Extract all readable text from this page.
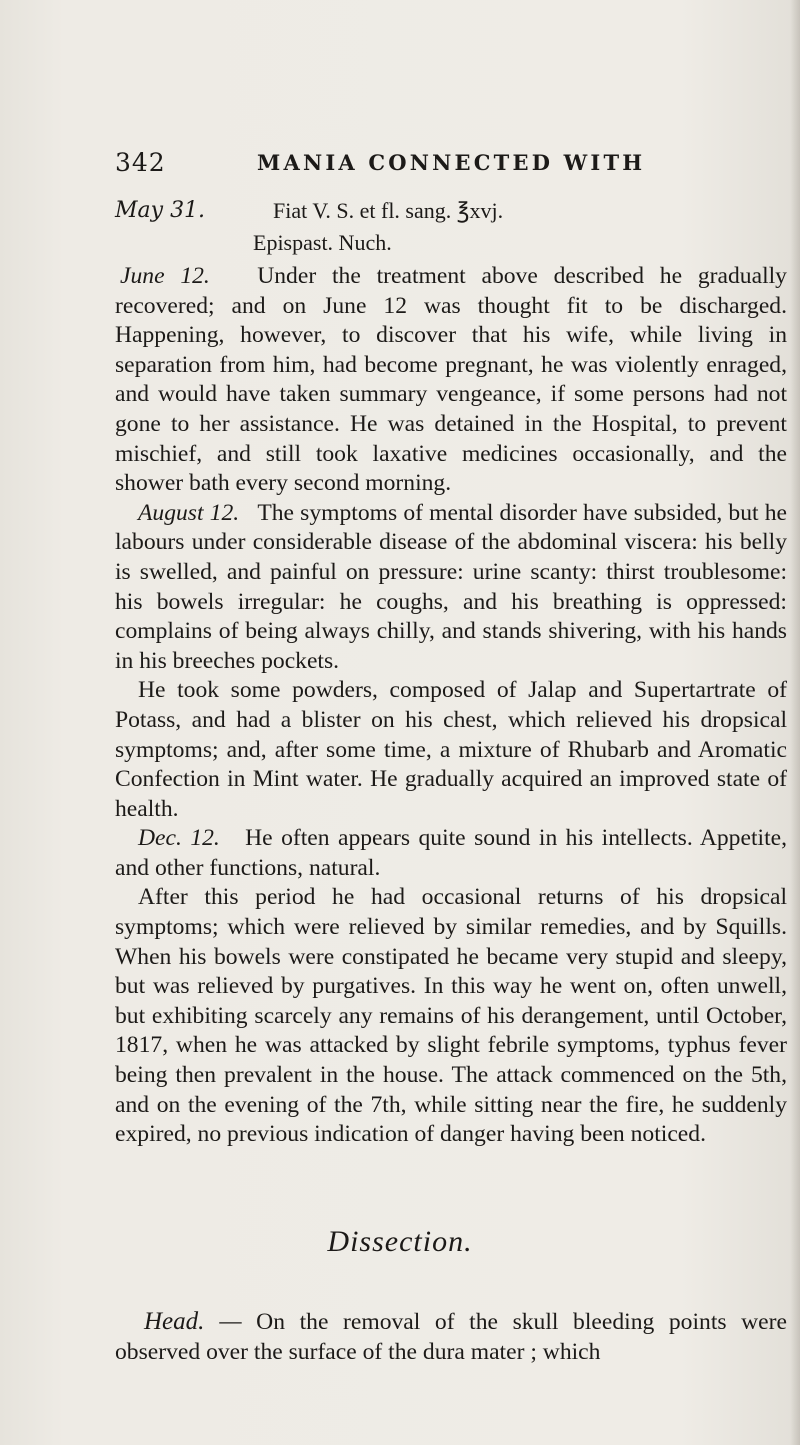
342	MANIA CONNECTED WITH
May 31.	Fiat V. S. et fl. sang. ℥xvj.
Epispast. Nuch.

June 12. Under the treatment above described he gradually recovered; and on June 12 was thought fit to be discharged. Happening, however, to discover that his wife, while living in separation from him, had become pregnant, he was violently enraged, and would have taken summary vengeance, if some persons had not gone to her assistance. He was detained in the Hospital, to prevent mischief, and still took laxative medicines occasionally, and the shower bath every second morning.

August 12. The symptoms of mental disorder have subsided, but he labours under considerable disease of the abdominal viscera: his belly is swelled, and painful on pressure: urine scanty: thirst troublesome: his bowels irregular: he coughs, and his breathing is oppressed: complains of being always chilly, and stands shivering, with his hands in his breeches pockets.

He took some powders, composed of Jalap and Supertartrate of Potass, and had a blister on his chest, which relieved his dropsical symptoms; and, after some time, a mixture of Rhubarb and Aromatic Confection in Mint water. He gradually acquired an improved state of health.

Dec. 12. He often appears quite sound in his intellects. Appetite, and other functions, natural.

After this period he had occasional returns of his dropsical symptoms; which were relieved by similar remedies, and by Squills. When his bowels were constipated he became very stupid and sleepy, but was relieved by purgatives. In this way he went on, often unwell, but exhibiting scarcely any remains of his derangement, until October, 1817, when he was attacked by slight febrile symptoms, typhus fever being then prevalent in the house. The attack commenced on the 5th, and on the evening of the 7th, while sitting near the fire, he suddenly expired, no previous indication of danger having been noticed.

Dissection.

Head. — On the removal of the skull bleeding points were observed over the surface of the dura mater ; which
